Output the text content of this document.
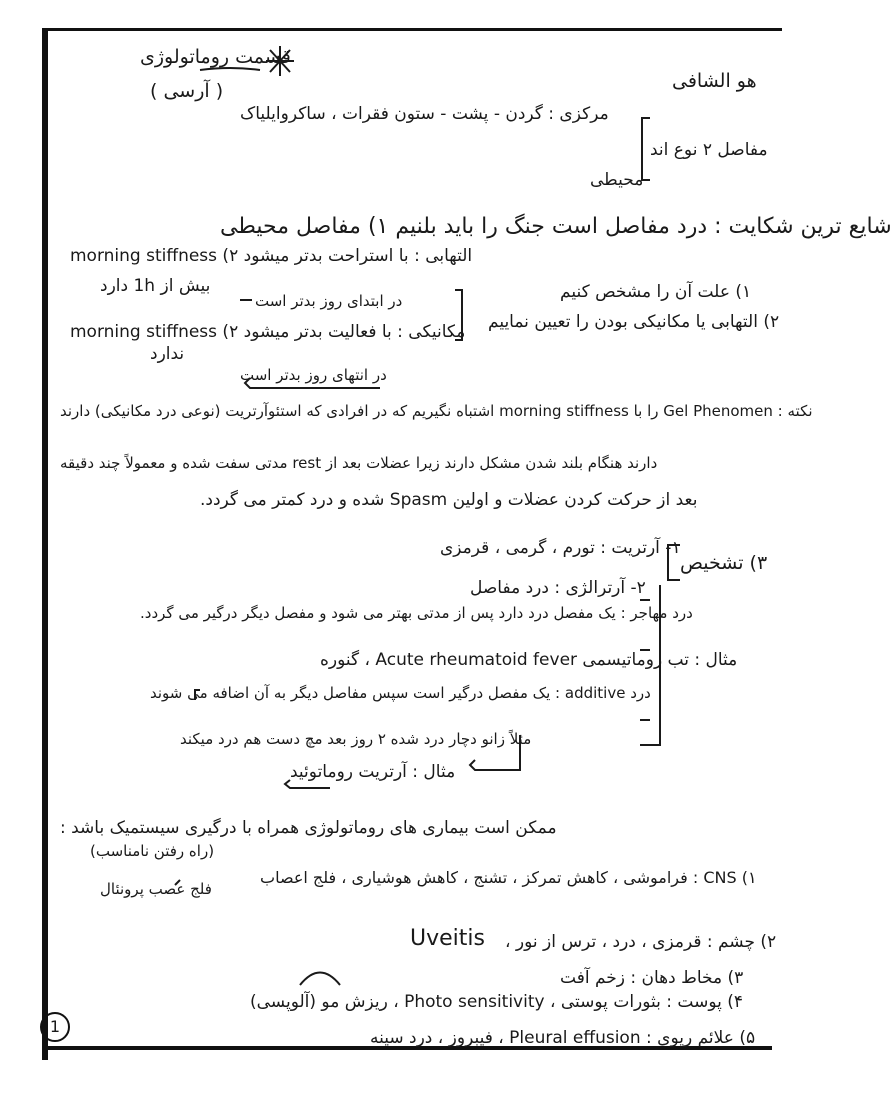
قسمت روماتولوژی
( آرسی )	هو الشافی
مرکزی : گردن - پشت - ستون فقرات ، ساکروایلیاک
مفاصل ۲ نوع اند
محیطی
شایع ترین شکایت : درد مفاصل است جنگ را باید بلنیم ۱) مفاصل محیطی
التهابی : با استراحت بدتر میشود ۲) morning stiffness
بیش از 1h دارد	۱) علت آن را مشخص کنیم
در ابتدای روز بدتر است
۲) التهابی یا مکانیکی بودن را تعیین نماییم
مکانیکی : با فعالیت بدتر میشود ۲) morning stiffness
ندارد
در انتهای روز بدتر است
نکته : Gel Phenomen را با morning stiffness اشتباه نگیریم که در افرادی که استئوآرتریت (نوعی درد مکانیکی) دارند
دارند هنگام بلند شدن مشکل دارند زیرا عضلات بعد از rest مدتی سفت شده و معمولاً چند دقیقه
بعد از حرکت کردن عضلات و اولین Spasm شده و درد کمتر می گردد.
۳) تشخیص
۱- آرتریت : تورم ، گرمی ، قرمزی
۲- آرترالژی : درد مفاصل
درد مهاجر : یک مفصل درد دارد پس از مدتی بهتر می شود و مفصل دیگر درگیر می گردد.
مثال : تب روماتیسمی Acute rheumatoid fever ، گنوره
درد additive : یک مفصل درگیر است سپس مفاصل دیگر به آن اضافه می شوند
مثلاً زانو دچار درد شده ۲ روز بعد مچ دست هم درد میکند
مثال : آرتریت روماتوئید
ممکن است بیماری های روماتولوژی همراه با درگیری سیستمیک باشد :
(راه رفتن نامناسب)
۱) CNS : فراموشی ، کاهش تمرکز ، تشنج ، کاهش هوشیاری ، فلج اعصاب
فلج عصب پرونئال
Uveitis ۲) چشم : قرمزی ، درد ، ترس از نور ،
۳) مخاط دهان : زخم آفت
۴) پوست : بثورات پوستی ، Photo sensitivity ، ریزش مو (آلوپسی)
۵) علائم ریوی : Pleural effusion ، فیبروز ، درد سینه
1
